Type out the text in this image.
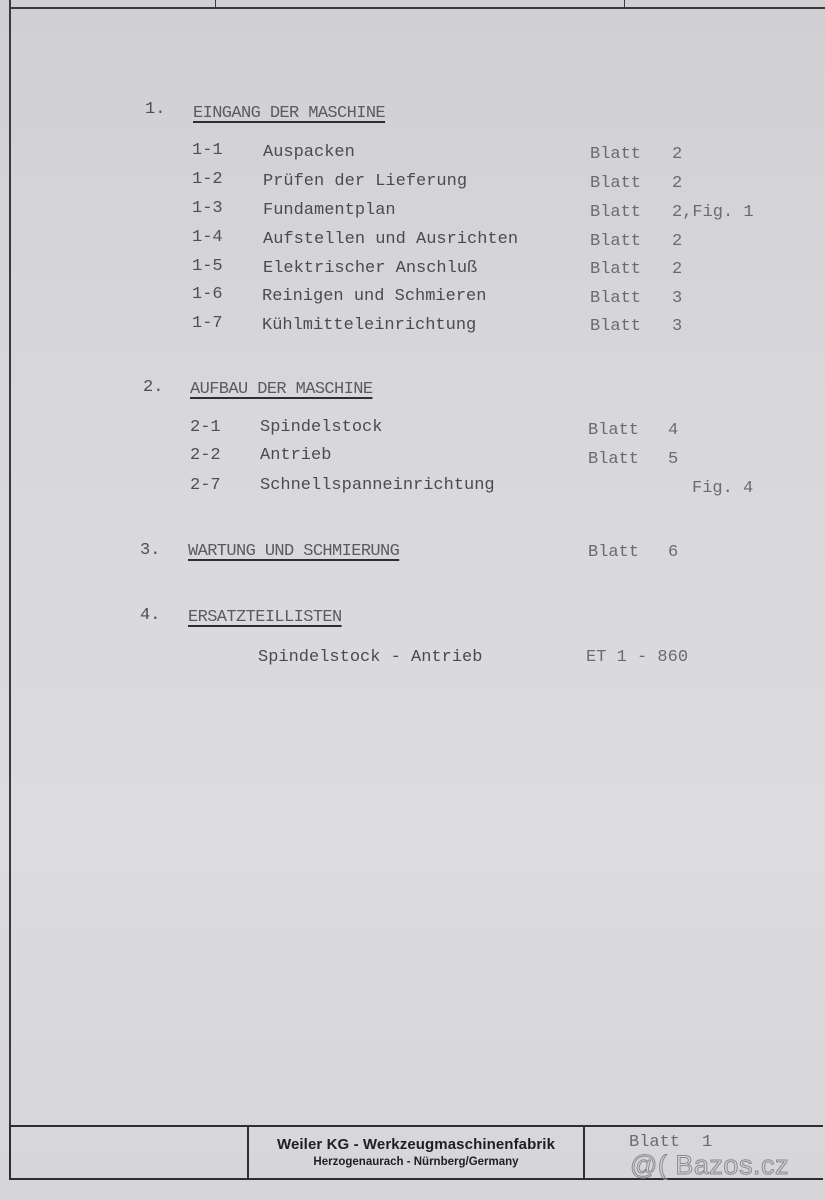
1. EINGANG DER MASCHINE
1-1 Auspacken	Blatt 2
1-2 Prüfen der Lieferung	Blatt 2
1-3 Fundamentplan	Blatt 2,Fig. 1
1-4 Aufstellen und Ausrichten	Blatt 2
1-5 Elektrischer Anschluß	Blatt 2
1-6 Reinigen und Schmieren	Blatt 3
1-7 Kühlmitteleinrichtung	Blatt 3
2. AUFBAU DER MASCHINE
2-1 Spindelstock	Blatt 4
2-2 Antrieb	Blatt 5
2-7 Schnellspanneinrichtung	Fig. 4
3. WARTUNG UND SCHMIERUNG	Blatt 6
4. ERSATZTEILLISTEN
Spindelstock - Antrieb	ET 1 - 860
Weiler KG - Werkzeugmaschinenfabrik
Herzogenaurach - Nürnberg/Germany
Blatt 1
@( Bazos.cz
